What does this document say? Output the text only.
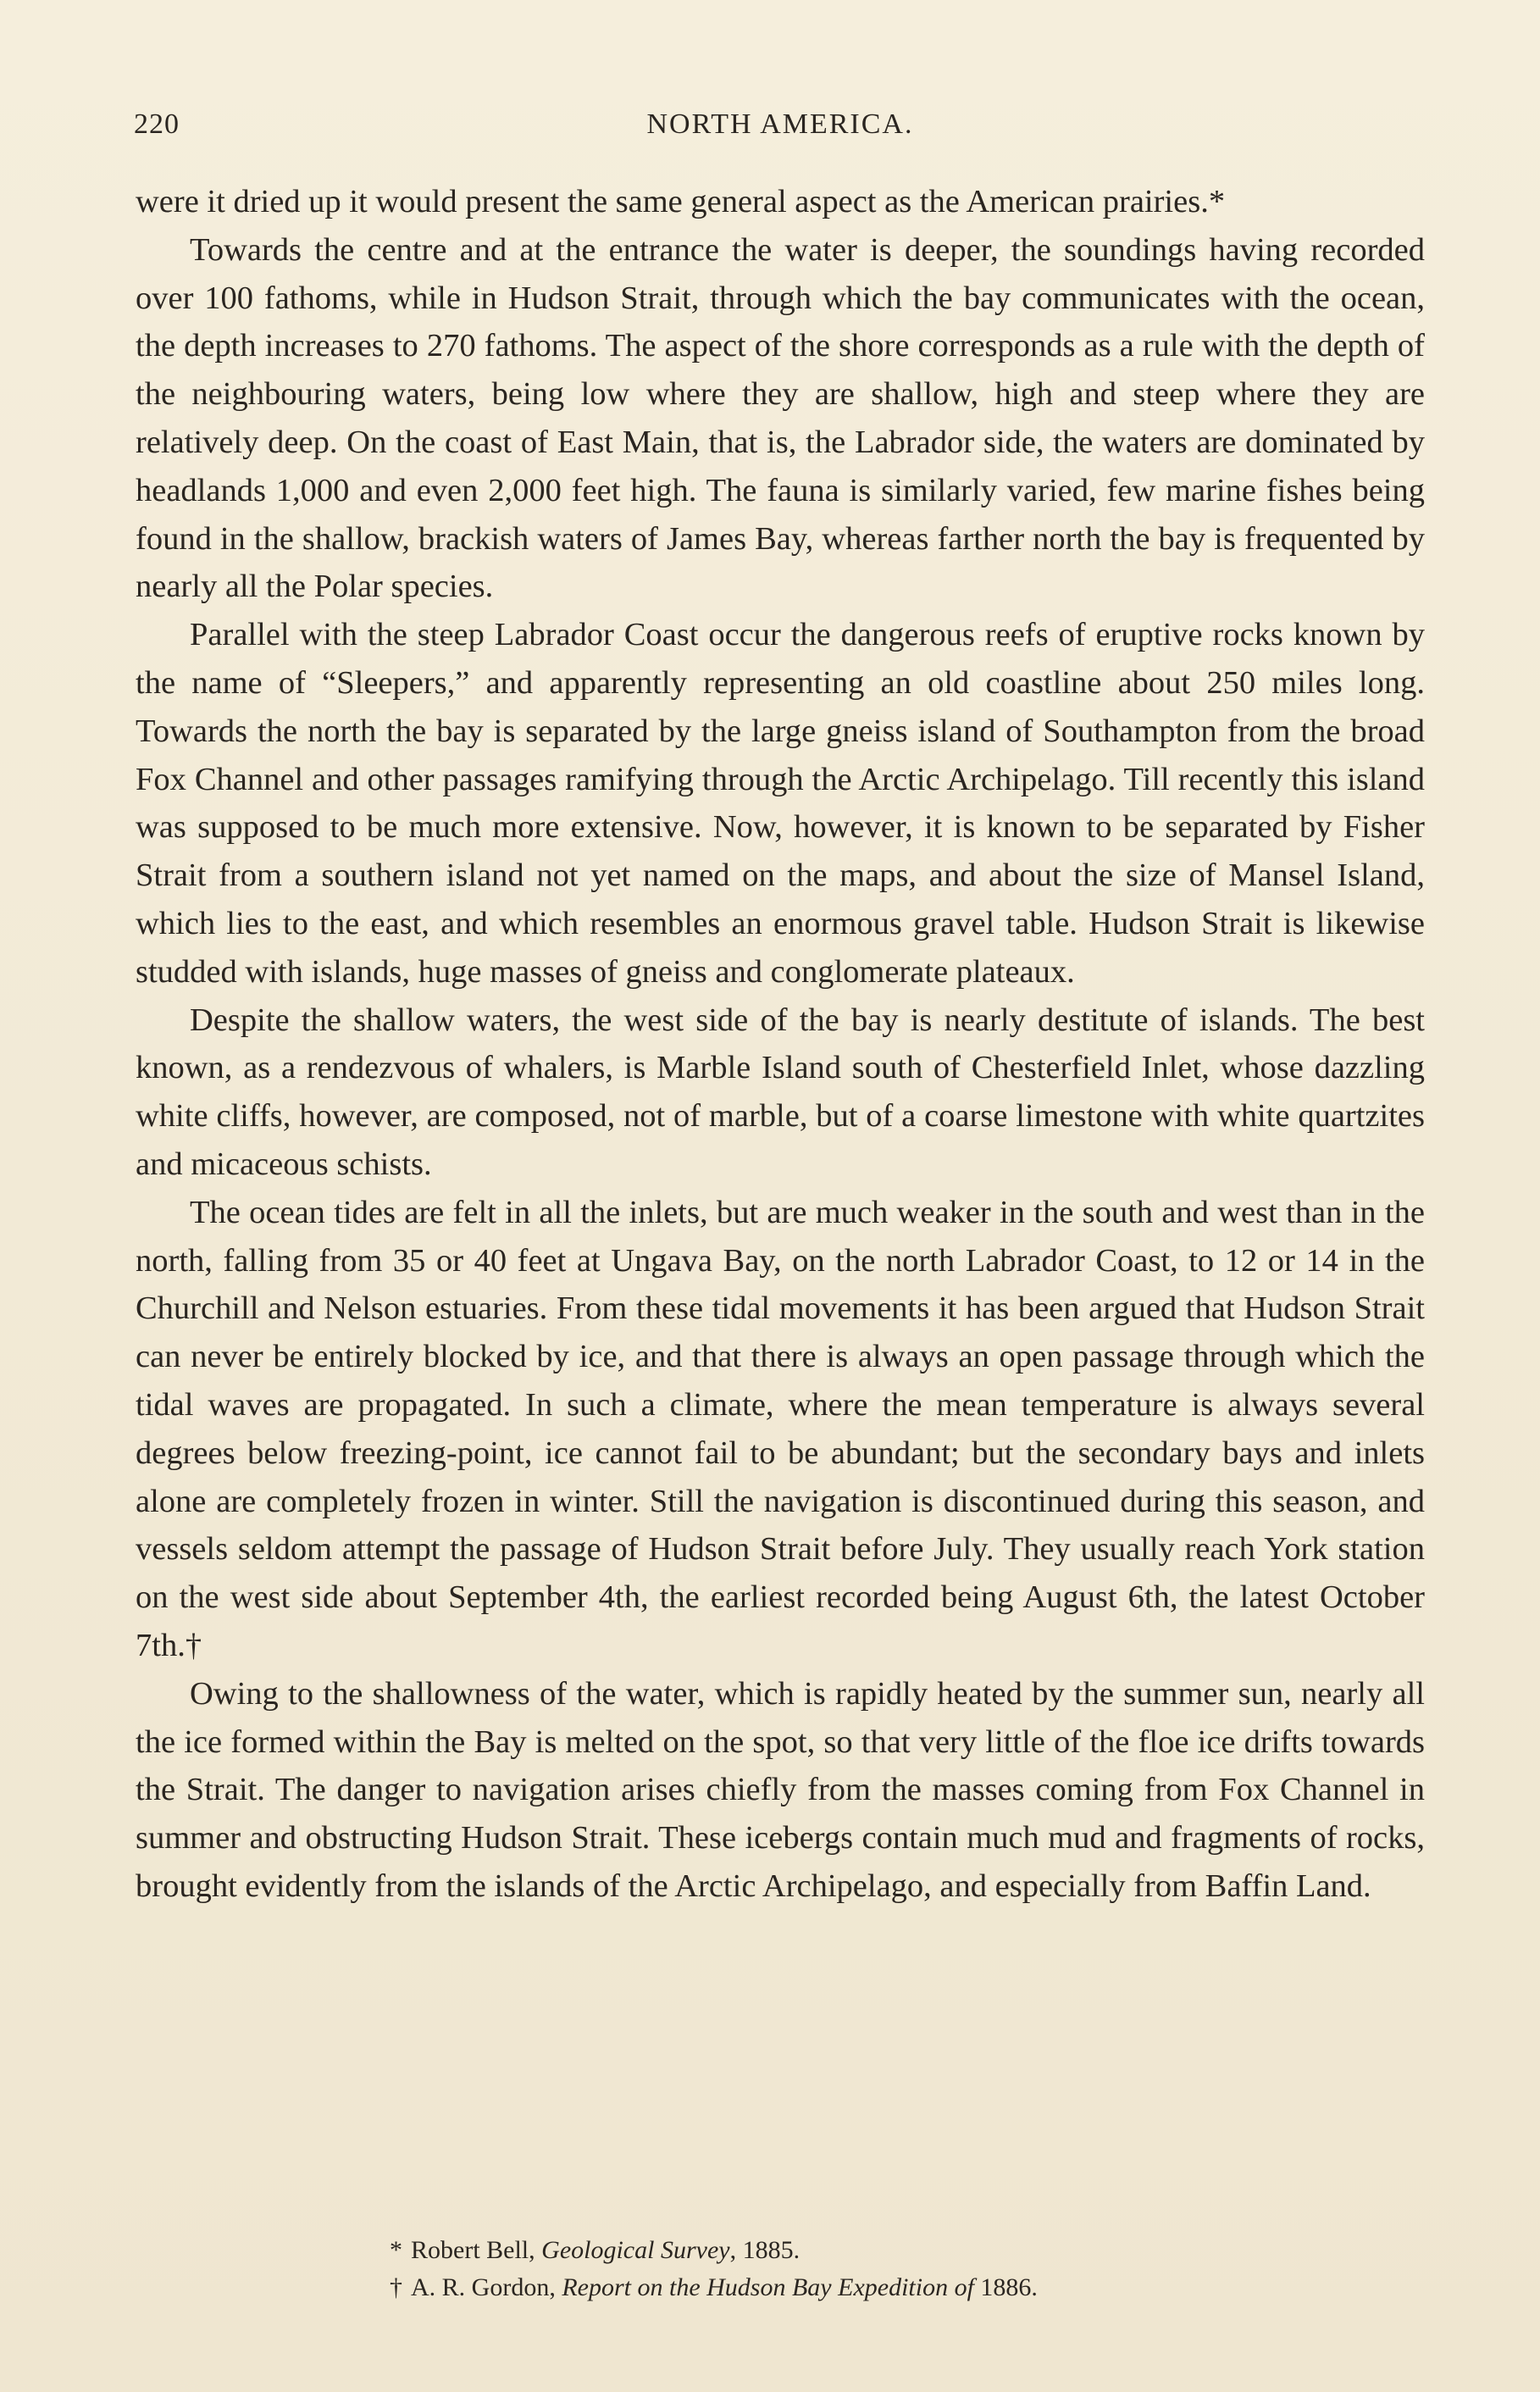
220	NORTH AMERICA.

were it dried up it would present the same general aspect as the American prairies.*

Towards the centre and at the entrance the water is deeper, the soundings having recorded over 100 fathoms, while in Hudson Strait, through which the bay communicates with the ocean, the depth increases to 270 fathoms. The aspect of the shore corresponds as a rule with the depth of the neighbouring waters, being low where they are shallow, high and steep where they are relatively deep. On the coast of East Main, that is, the Labrador side, the waters are dominated by headlands 1,000 and even 2,000 feet high. The fauna is similarly varied, few marine fishes being found in the shallow, brackish waters of James Bay, whereas farther north the bay is frequented by nearly all the Polar species.

Parallel with the steep Labrador Coast occur the dangerous reefs of eruptive rocks known by the name of “Sleepers,” and apparently representing an old coastline about 250 miles long. Towards the north the bay is separated by the large gneiss island of Southampton from the broad Fox Channel and other passages ramifying through the Arctic Archipelago. Till recently this island was supposed to be much more extensive. Now, however, it is known to be separated by Fisher Strait from a southern island not yet named on the maps, and about the size of Mansel Island, which lies to the east, and which resembles an enormous gravel table. Hudson Strait is likewise studded with islands, huge masses of gneiss and conglomerate plateaux.

Despite the shallow waters, the west side of the bay is nearly destitute of islands. The best known, as a rendezvous of whalers, is Marble Island south of Chesterfield Inlet, whose dazzling white cliffs, however, are composed, not of marble, but of a coarse limestone with white quartzites and micaceous schists.

The ocean tides are felt in all the inlets, but are much weaker in the south and west than in the north, falling from 35 or 40 feet at Ungava Bay, on the north Labrador Coast, to 12 or 14 in the Churchill and Nelson estuaries. From these tidal movements it has been argued that Hudson Strait can never be entirely blocked by ice, and that there is always an open passage through which the tidal waves are propagated. In such a climate, where the mean temperature is always several degrees below freezing-point, ice cannot fail to be abundant; but the secondary bays and inlets alone are completely frozen in winter. Still the navigation is discontinued during this season, and vessels seldom attempt the passage of Hudson Strait before July. They usually reach York station on the west side about September 4th, the earliest recorded being August 6th, the latest October 7th.†

Owing to the shallowness of the water, which is rapidly heated by the summer sun, nearly all the ice formed within the Bay is melted on the spot, so that very little of the floe ice drifts towards the Strait. The danger to navigation arises chiefly from the masses coming from Fox Channel in summer and obstructing Hudson Strait. These icebergs contain much mud and fragments of rocks, brought evidently from the islands of the Arctic Archipelago, and especially from Baffin Land.

* Robert Bell, Geological Survey, 1885.
† A. R. Gordon, Report on the Hudson Bay Expedition of 1886.
